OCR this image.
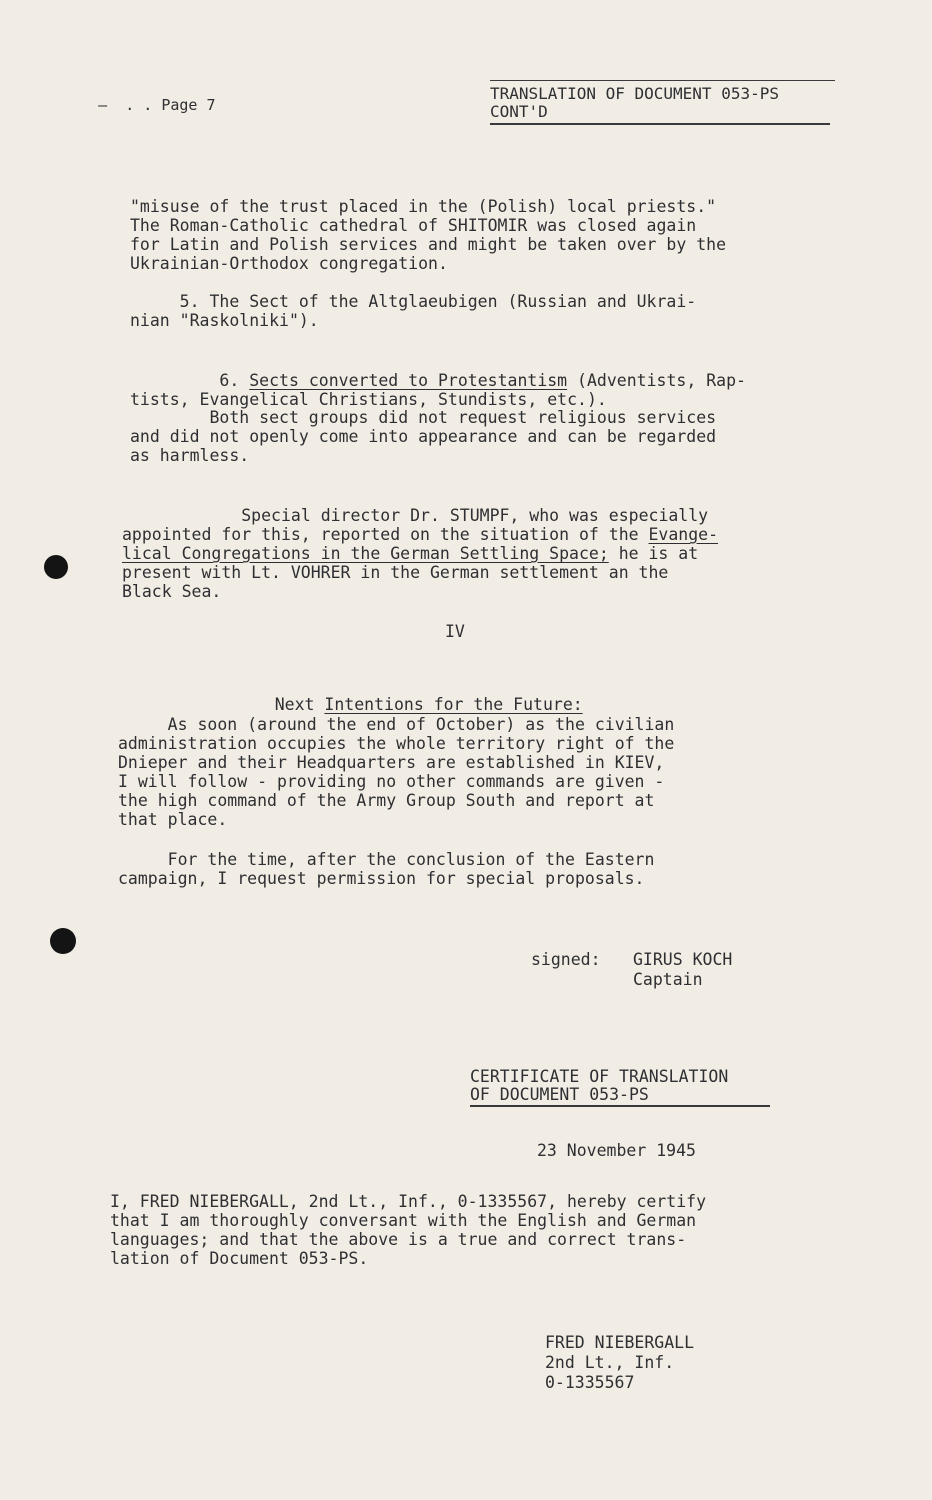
—  . . Page 7

TRANSLATION OF DOCUMENT 053-PS
CONT'D
"misuse of the trust placed in the (Polish) local priests."
The Roman-Catholic cathedral of SHITOMIR was closed again
for Latin and Polish services and might be taken over by the
Ukrainian-Orthodox congregation.
5. The Sect of the Altglaeubigen (Russian and Ukrai-
nian "Raskolniki").

6. Sects converted to Protestantism (Adventists, Rap-
tists, Evangelical Christians, Stundists, etc.).

Both sect groups did not request religious services
and did not openly come into appearance and can be regarded
as harmless.

Special director Dr. STUMPF, who was especially
appointed for this, reported on the situation of the Evange-
lical Congregations in the German Settling Space; he is at
present with Lt. VOHRER in the German settlement an the
Black Sea.

IV

Next Intentions for the Future:

As soon (around the end of October) as the civilian
administration occupies the whole territory right of the
Dnieper and their Headquarters are established in KIEV,
I will follow - providing no other commands are given -
the high command of the Army Group South and report at
that place.
For the time, after the conclusion of the Eastern
campaign, I request permission for special proposals.
signed: GIRUS KOCH
Captain
CERTIFICATE OF TRANSLATION
OF DOCUMENT 053-PS
23 November 1945
I, FRED NIEBERGALL, 2nd Lt., Inf., 0-1335567, hereby certify
that I am thoroughly conversant with the English and German
languages; and that the above is a true and correct trans-
lation of Document 053-PS.
FRED NIEBERGALL
2nd Lt., Inf.
0-1335567
